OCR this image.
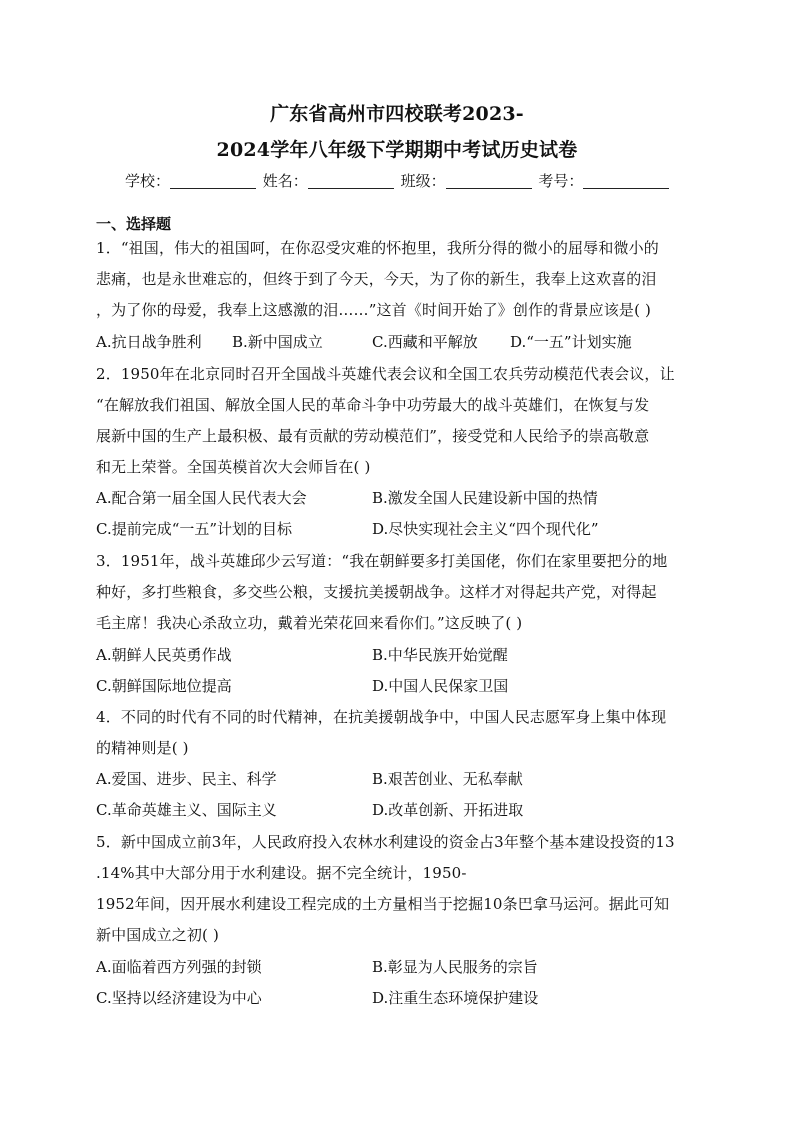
广东省高州市四校联考2023-
2024学年八年级下学期期中考试历史试卷
学校：	姓名：	班级：	考号：
一、选择题
1．“祖国，伟大的祖国呵，在你忍受灾难的怀抱里，我所分得的微小的屈辱和微小的
悲痛，也是永世难忘的，但终于到了今天，今天，为了你的新生，我奉上这欢喜的泪
，为了你的母爱，我奉上这感激的泪……”这首《时间开始了》创作的背景应该是( )
A.抗日战争胜利 B.新中国成立	C.西藏和平解放 D.“一五”计划实施
2．1950年在北京同时召开全国战斗英雄代表会议和全国工农兵劳动模范代表会议，让
“在解放我们祖国、解放全国人民的革命斗争中功劳最大的战斗英雄们，在恢复与发
展新中国的生产上最积极、最有贡献的劳动模范们”，接受党和人民给予的崇高敬意
和无上荣誉。全国英模首次大会师旨在( )
A.配合第一届全国人民代表大会	B.激发全国人民建设新中国的热情
C.提前完成“一五”计划的目标	D.尽快实现社会主义“四个现代化”
3．1951年，战斗英雄邱少云写道：“我在朝鲜要多打美国佬，你们在家里要把分的地
种好，多打些粮食，多交些公粮，支援抗美援朝战争。这样才对得起共产党，对得起
毛主席！我决心杀敌立功，戴着光荣花回来看你们。”这反映了( )
A.朝鲜人民英勇作战	B.中华民族开始觉醒
C.朝鲜国际地位提高	D.中国人民保家卫国
4．不同的时代有不同的时代精神，在抗美援朝战争中，中国人民志愿军身上集中体现
的精神则是( )
A.爱国、进步、民主、科学	B.艰苦创业、无私奉献
C.革命英雄主义、国际主义	D.改革创新、开拓进取
5．新中国成立前3年，人民政府投入农林水利建设的资金占3年整个基本建设投资的13
.14%其中大部分用于水利建设。据不完全统计，1950-
1952年间，因开展水利建设工程完成的土方量相当于挖掘10条巴拿马运河。据此可知
新中国成立之初( )
A.面临着西方列强的封锁	B.彰显为人民服务的宗旨
C.坚持以经济建设为中心	D.注重生态环境保护建设
